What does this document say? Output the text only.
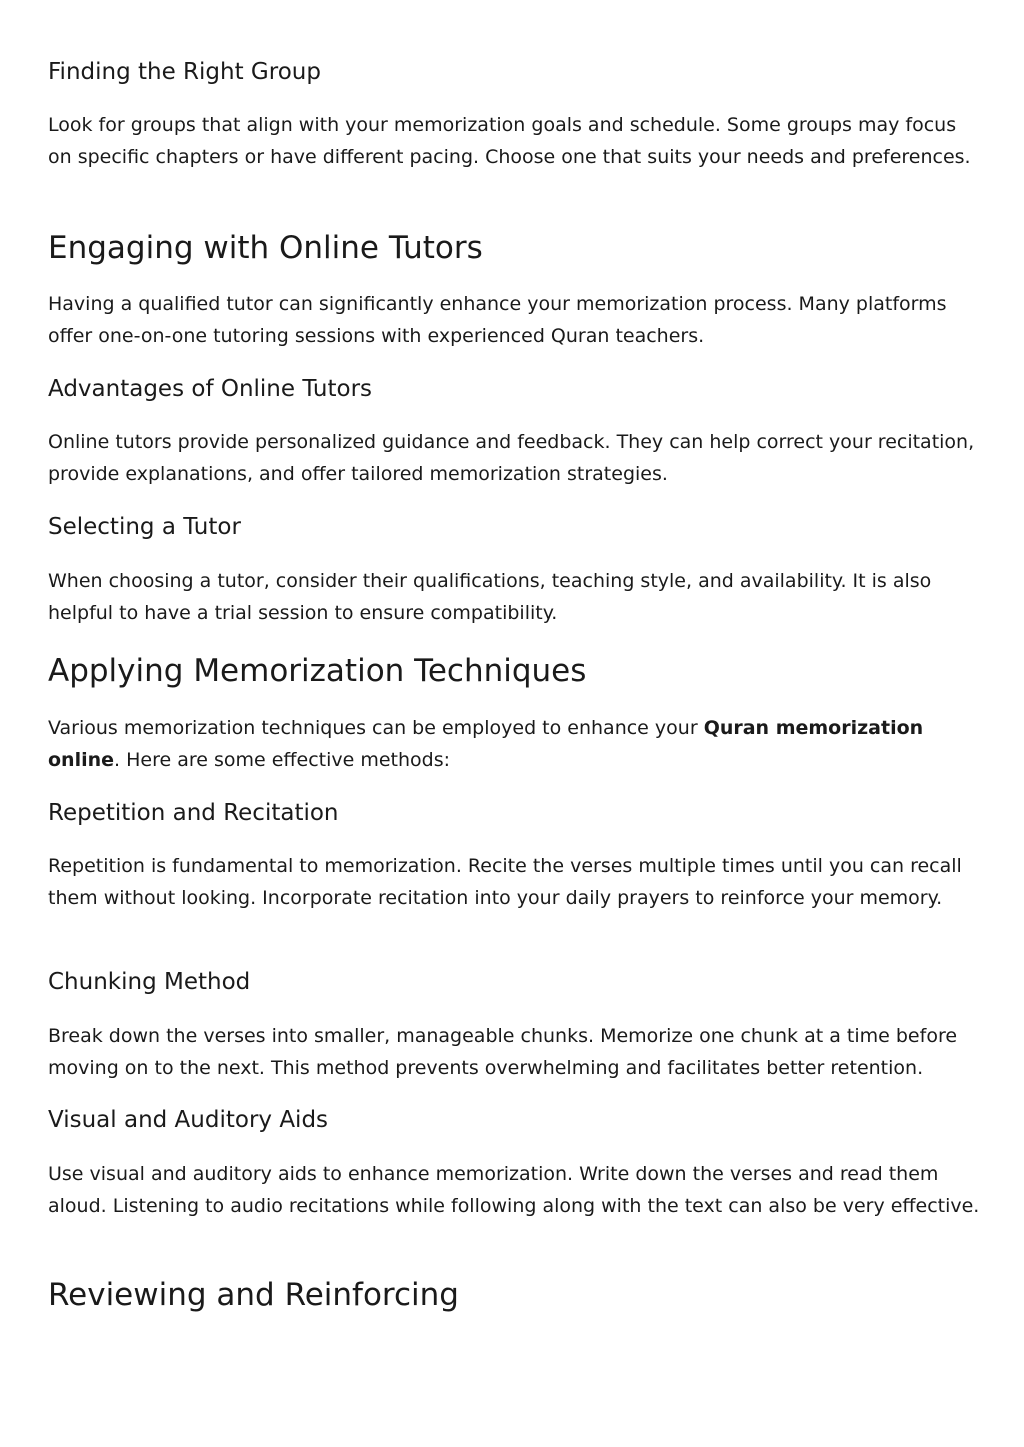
Finding the Right Group

Look for groups that align with your memorization goals and schedule. Some groups may focus on specific chapters or have different pacing. Choose one that suits your needs and preferences.

Engaging with Online Tutors

Having a qualified tutor can significantly enhance your memorization process. Many platforms offer one-on-one tutoring sessions with experienced Quran teachers.

Advantages of Online Tutors

Online tutors provide personalized guidance and feedback. They can help correct your recitation, provide explanations, and offer tailored memorization strategies.

Selecting a Tutor

When choosing a tutor, consider their qualifications, teaching style, and availability. It is also helpful to have a trial session to ensure compatibility.

Applying Memorization Techniques

Various memorization techniques can be employed to enhance your Quran memorization online. Here are some effective methods:

Repetition and Recitation

Repetition is fundamental to memorization. Recite the verses multiple times until you can recall them without looking. Incorporate recitation into your daily prayers to reinforce your memory.

Chunking Method

Break down the verses into smaller, manageable chunks. Memorize one chunk at a time before moving on to the next. This method prevents overwhelming and facilitates better retention.

Visual and Auditory Aids

Use visual and auditory aids to enhance memorization. Write down the verses and read them aloud. Listening to audio recitations while following along with the text can also be very effective.

Reviewing and Reinforcing
